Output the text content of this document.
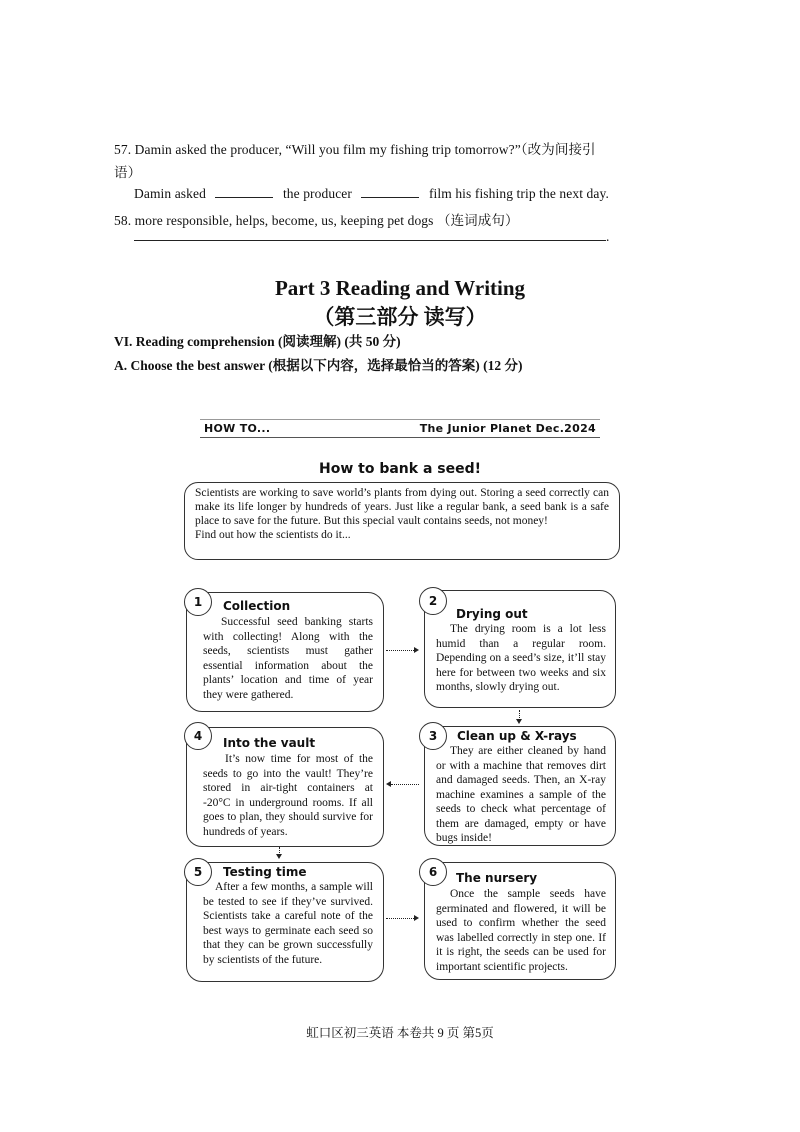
57. Damin asked the producer, “Will you film my fishing trip tomorrow?”（改为间接引
语）
Damin asked	the producer	film his fishing trip the next day.
58. more responsible, helps, become, us, keeping pet dogs （连词成句）
.
Part 3 Reading and Writing
（第三部分 读写）
VI. Reading comprehension (阅读理解) (共 50 分)
A. Choose the best answer (根据以下内容，选择最恰当的答案) (12 分)
HOW TO...	The Junior Planet Dec.2024
How to bank a seed!
Scientists are working to save world’s plants from dying out. Storing a seed correctly can make its life longer by hundreds of years. Just like a regular bank, a seed bank is a safe place to save for the future. But this special vault contains seeds, not money!
Find out how the scientists do it...
Collection
Successful seed banking starts with collecting! Along with the seeds, scientists must gather essential information about the plants’ location and time of year they were gathered.
1
Drying out
The drying room is a lot less humid than a regular room. Depending on a seed’s size, it’ll stay here for between two weeks and six months, slowly drying out.
2
Into the vault
It’s now time for most of the seeds to go into the vault! They’re stored in air-tight containers at -20°C in underground rooms. If all goes to plan, they should survive for hundreds of years.
4	Clean up & X-rays
They are either cleaned by hand or with a machine that removes dirt and damaged seeds. Then, an X-ray machine examines a sample of the seeds to check what percentage of them are damaged, empty or have bugs inside!
3
Testing time
After a few months, a sample will be tested to see if they’ve survived. Scientists take a careful note of the best ways to germinate each seed so that they can be grown successfully by scientists of the future.
5	The nursery
Once the sample seeds have germinated and flowered, it will be used to confirm whether the seed was labelled correctly in step one. If it is right, the seeds can be used for important scientific projects.
6
虹口区初三英语 本卷共 9 页 第5页
